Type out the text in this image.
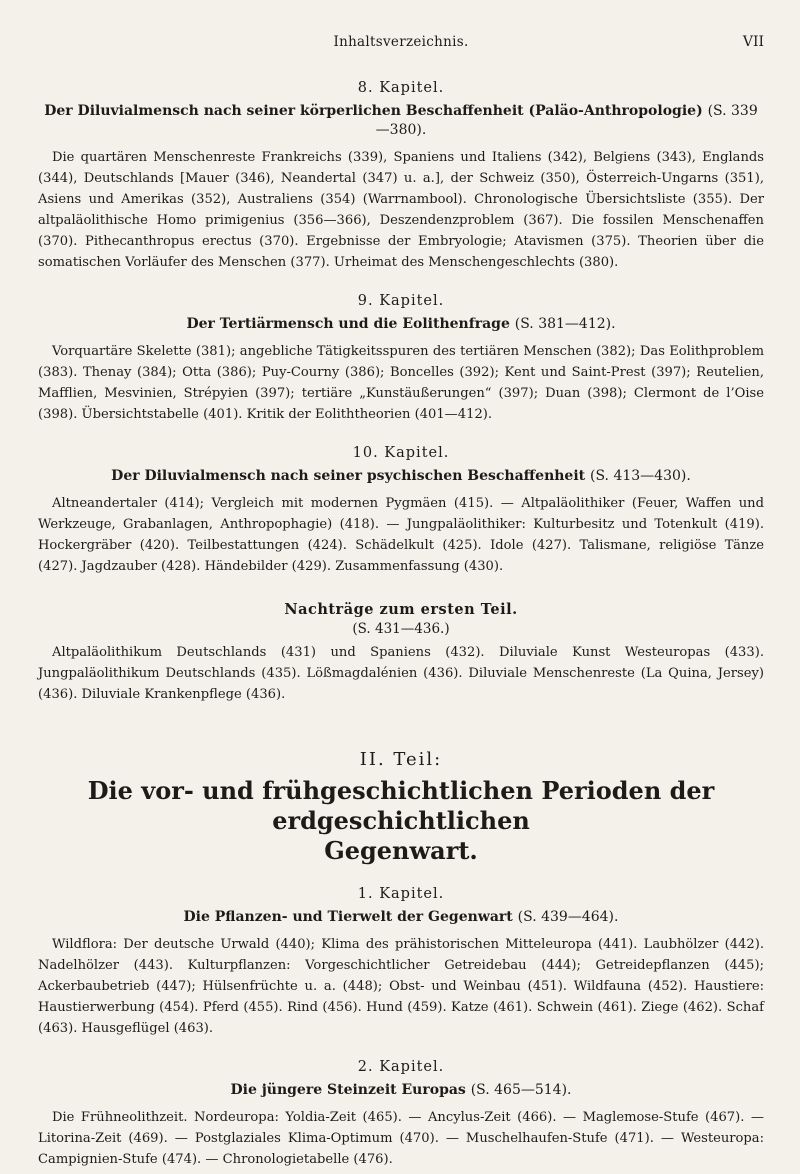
Inhaltsverzeichnis.	VII
8. Kapitel.
Der Diluvialmensch nach seiner körperlichen Beschaffenheit (Paläo-Anthropologie) (S. 339—380).

Die quartären Menschenreste Frankreichs (339), Spaniens und Italiens (342), Belgiens (343), Englands (344), Deutschlands [Mauer (346), Neandertal (347) u. a.], der Schweiz (350), Österreich-Ungarns (351), Asiens und Amerikas (352), Australiens (354) (Warrnambool). Chronologische Übersichtsliste (355). Der altpaläolithische Homo primigenius (356—366), Deszendenzproblem (367). Die fossilen Menschenaffen (370). Pithecanthropus erectus (370). Ergebnisse der Embryologie; Atavismen (375). Theorien über die somatischen Vorläufer des Menschen (377). Urheimat des Menschengeschlechts (380).

9. Kapitel.
Der Tertiärmensch und die Eolithenfrage (S. 381—412).

Vorquartäre Skelette (381); angebliche Tätigkeitsspuren des tertiären Menschen (382); Das Eolithproblem (383). Thenay (384); Otta (386); Puy-Courny (386); Boncelles (392); Kent und Saint-Prest (397); Reutelien, Mafflien, Mesvinien, Strépyien (397); tertiäre „Kunstäußerungen“ (397); Duan (398); Clermont de l’Oise (398). Übersichtstabelle (401). Kritik der Eoliththeorien (401—412).

10. Kapitel.
Der Diluvialmensch nach seiner psychischen Beschaffenheit (S. 413—430).

Altneandertaler (414); Vergleich mit modernen Pygmäen (415). — Altpaläolithiker (Feuer, Waffen und Werkzeuge, Grabanlagen, Anthropophagie) (418). — Jungpaläolithiker: Kulturbesitz und Totenkult (419). Hockergräber (420). Teilbestattungen (424). Schädelkult (425). Idole (427). Talismane, religiöse Tänze (427). Jagdzauber (428). Händebilder (429). Zusammenfassung (430).

Nachträge zum ersten Teil.
(S. 431—436.)

Altpaläolithikum Deutschlands (431) und Spaniens (432). Diluviale Kunst Westeuropas (433). Jungpaläolithikum Deutschlands (435). Lößmagdalénien (436). Diluviale Menschenreste (La Quina, Jersey) (436). Diluviale Krankenpflege (436).

II. Teil:
Die vor- und frühgeschichtlichen Perioden der erdgeschichtlichen
Gegenwart.
1. Kapitel.
Die Pflanzen- und Tierwelt der Gegenwart (S. 439—464).

Wildflora: Der deutsche Urwald (440); Klima des prähistorischen Mitteleuropa (441). Laubhölzer (442). Nadelhölzer (443). Kulturpflanzen: Vorgeschichtlicher Getreidebau (444); Getreidepflanzen (445); Ackerbaubetrieb (447); Hülsenfrüchte u. a. (448); Obst- und Weinbau (451). Wildfauna (452). Haustiere: Haustierwerbung (454). Pferd (455). Rind (456). Hund (459). Katze (461). Schwein (461). Ziege (462). Schaf (463). Hausgeflügel (463).

2. Kapitel.
Die jüngere Steinzeit Europas (S. 465—514).

Die Frühneolithzeit. Nordeuropa: Yoldia-Zeit (465). — Ancylus-Zeit (466). — Maglemose-Stufe (467). — Litorina-Zeit (469). — Postglaziales Klima-Optimum (470). — Muschelhaufen-Stufe (471). — Westeuropa: Campignien-Stufe (474). — Chronologietabelle (476).
